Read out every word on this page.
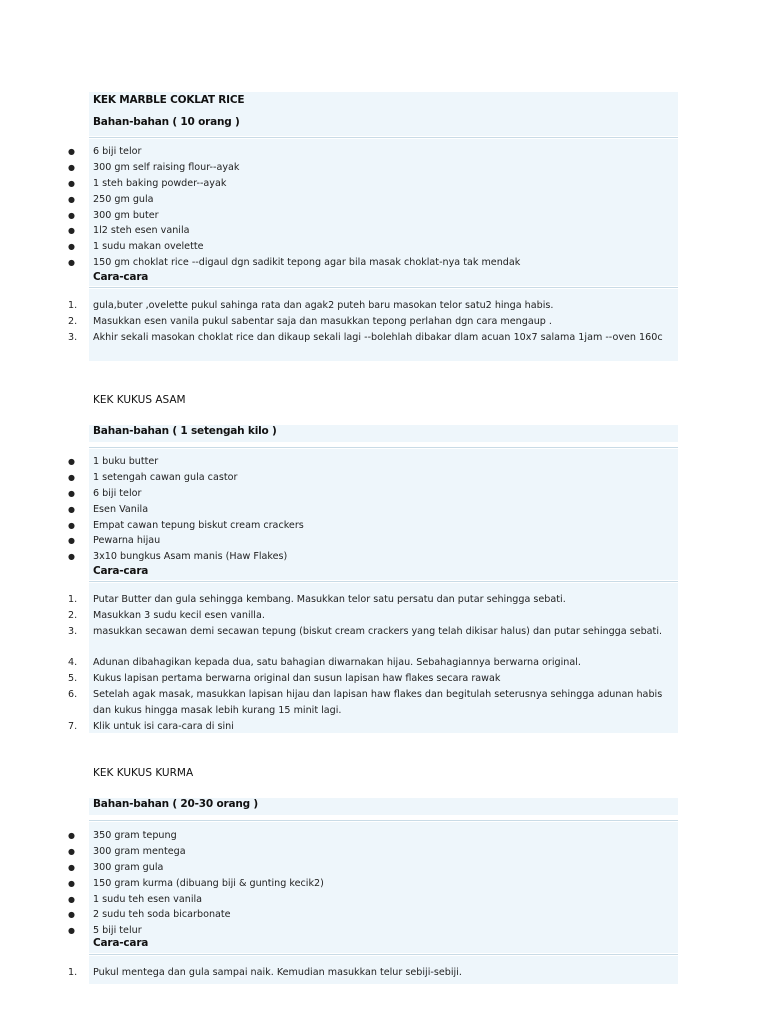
KEK MARBLE COKLAT RICE
Bahan-bahan ( 10 orang )
● 6 biji telor
● 300 gm self raising flour--ayak
● 1 steh baking powder--ayak
● 250 gm gula
● 300 gm buter
● 1l2 steh esen vanila
● 1 sudu makan ovelette
● 150 gm choklat rice --digaul dgn sadikit tepong agar bila masak choklat-nya tak mendak
Cara-cara
1. gula,buter ,ovelette pukul sahinga rata dan agak2 puteh baru masokan telor satu2 hinga habis.
2. Masukkan esen vanila pukul sabentar saja dan masukkan tepong perlahan dgn cara mengaup .
3. Akhir sekali masokan choklat rice dan dikaup sekali lagi --bolehlah dibakar dlam acuan 10x7 salama 1jam --oven 160c
KEK KUKUS ASAM
Bahan-bahan ( 1 setengah kilo )
● 1 buku butter
● 1 setengah cawan gula castor
● 6 biji telor
● Esen Vanila
● Empat cawan tepung biskut cream crackers
● Pewarna hijau
● 3x10 bungkus Asam manis (Haw Flakes)
Cara-cara
1. Putar Butter dan gula sehingga kembang. Masukkan telor satu persatu dan putar sehingga sebati.
2. Masukkan 3 sudu kecil esen vanilla.
3. masukkan secawan demi secawan tepung (biskut cream crackers yang telah dikisar halus) dan putar sehingga sebati.
4. Adunan dibahagikan kepada dua, satu bahagian diwarnakan hijau. Sebahagiannya berwarna original.
5. Kukus lapisan pertama berwarna original dan susun lapisan haw flakes secara rawak
6. Setelah agak masak, masukkan lapisan hijau dan lapisan haw flakes dan begitulah seterusnya sehingga adunan habis dan kukus hingga masak lebih kurang 15 minit lagi.
7. Klik untuk isi cara-cara di sini
KEK KUKUS KURMA
Bahan-bahan ( 20-30 orang )
● 350 gram tepung
● 300 gram mentega
● 300 gram gula
● 150 gram kurma (dibuang biji & gunting kecik2)
● 1 sudu teh esen vanila
● 2 sudu teh soda bicarbonate
● 5 biji telur
Cara-cara
1. Pukul mentega dan gula sampai naik. Kemudian masukkan telur sebiji-sebiji.
